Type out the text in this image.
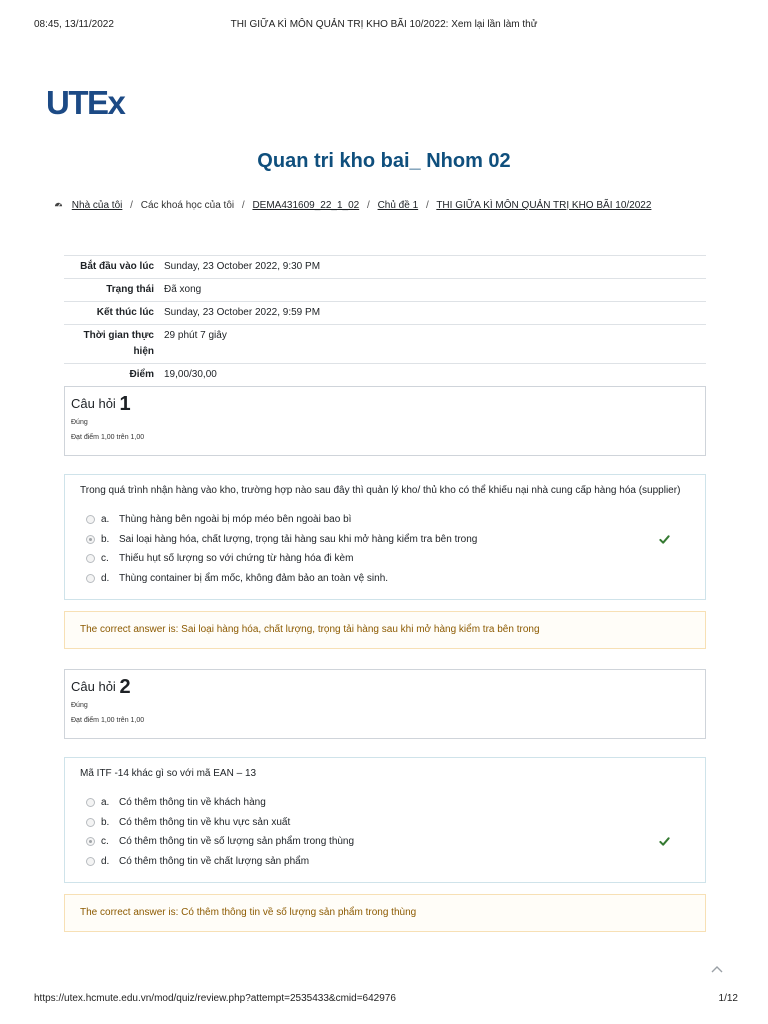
08:45, 13/11/2022	THI GIỮA KÌ MÔN QUẢN TRỊ KHO BÃI 10/2022: Xem lại lần làm thử
UTEx
Quan tri kho bai_ Nhom 02
Nhà của tôi / Các khoá học của tôi / DEMA431609_22_1_02 / Chủ đề 1 / THI GIỮA KÌ MÔN QUẢN TRỊ KHO BÃI 10/2022
Bắt đầu vào lúc	Sunday, 23 October 2022, 9:30 PM
Trạng thái	Đã xong
Kết thúc lúc	Sunday, 23 October 2022, 9:59 PM
Thời gian thực
hiện	29 phút 7 giây
Điểm	19,00/30,00

Câu hỏi 1
Đúng
Đạt điểm 1,00 trên 1,00
Trong quá trình nhận hàng vào kho, trường hợp nào sau đây thì quản lý kho/ thủ kho có thể khiếu nại nhà cung cấp hàng hóa (supplier)
a. Thùng hàng bên ngoài bị móp méo bên ngoài bao bì
b. Sai loại hàng hóa, chất lượng, trọng tải hàng sau khi mở hàng kiểm tra bên trong
c.	Thiếu hụt số lượng so với chứng từ hàng hóa đi kèm
d. Thùng container bị ẩm mốc, không đảm bảo an toàn vệ sinh.
The correct answer is: Sai loại hàng hóa, chất lượng, trọng tải hàng sau khi mở hàng kiểm tra bên trong
Câu hỏi 2
Đúng
Đạt điểm 1,00 trên 1,00
Mã ITF -14 khác gì so với mã EAN – 13
a. Có thêm thông tin về khách hàng
b. Có thêm thông tin về khu vực sản xuất
c.	Có thêm thông tin về số lượng sản phẩm trong thùng
d. Có thêm thông tin về chất lượng sản phẩm
The correct answer is: Có thêm thông tin về số lượng sản phẩm trong thùng
https://utex.hcmute.edu.vn/mod/quiz/review.php?attempt=2535433&cmid=642976	1/12
